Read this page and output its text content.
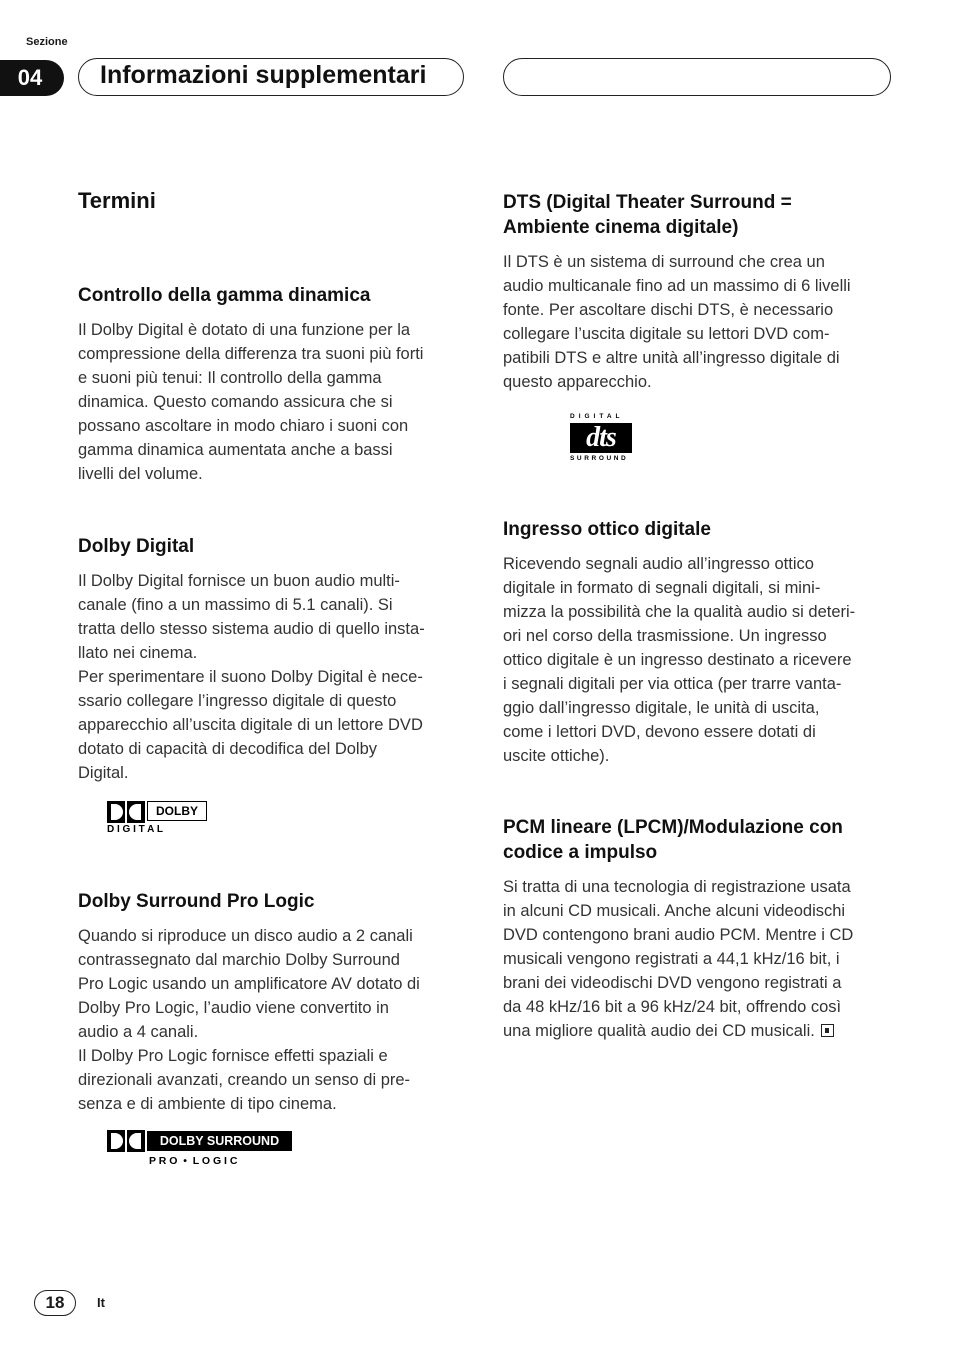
Sezione
04	Informazioni supplementari
Termini
Controllo della gamma dinamica
Il Dolby Digital è dotato di una funzione per la
compressione della differenza tra suoni più forti
e suoni più tenui: Il controllo della gamma
dinamica. Questo comando assicura che si
possano ascoltare in modo chiaro i suoni con
gamma dinamica aumentata anche a bassi
livelli del volume.
Dolby Digital
Il Dolby Digital fornisce un buon audio multi-
canale (fino a un massimo di 5.1 canali). Si
tratta dello stesso sistema audio di quello insta-
llato nei cinema.
Per sperimentare il suono Dolby Digital è nece-
ssario collegare l’ingresso digitale di questo
apparecchio all’uscita digitale di un lettore DVD
dotato di capacità di decodifica del Dolby
Digital.
DOLBY
D I G I T A L
Dolby Surround Pro Logic
Quando si riproduce un disco audio a 2 canali
contrassegnato dal marchio Dolby Surround
Pro Logic usando un amplificatore AV dotato di
Dolby Pro Logic, l’audio viene convertito in
audio a 4 canali.
Il Dolby Pro Logic fornisce effetti spaziali e
direzionali avanzati, creando un senso di pre-
senza e di ambiente di tipo cinema.
DOLBY SURROUND
P R O  •  L O G I C
DTS (Digital Theater Surround =
Ambiente cinema digitale)
Il DTS è un sistema di surround che crea un
audio multicanale fino ad un massimo di 6 livelli
fonte. Per ascoltare dischi DTS, è necessario
collegare l’uscita digitale su lettori DVD com-
patibili DTS e altre unità all’ingresso digitale di
questo apparecchio.
DIGITAL
dts
SURROUND
Ingresso ottico digitale
Ricevendo segnali audio all’ingresso ottico
digitale in formato di segnali digitali, si mini-
mizza la possibilità che la qualità audio si deteri-
ori nel corso della trasmissione. Un ingresso
ottico digitale è un ingresso destinato a ricevere
i segnali digitali per via ottica (per trarre vanta-
ggio dall’ingresso digitale, le unità di uscita,
come i lettori DVD, devono essere dotati di
uscite ottiche).
PCM lineare (LPCM)/Modulazione con
codice a impulso
Si tratta di una tecnologia di registrazione usata
in alcuni CD musicali. Anche alcuni videodischi
DVD contengono brani audio PCM. Mentre i CD
musicali vengono registrati a 44,1 kHz/16 bit, i
brani dei videodischi DVD vengono registrati a
da 48 kHz/16 bit a 96 kHz/24 bit, offrendo così
una migliore qualità audio dei CD musicali.
18	It
